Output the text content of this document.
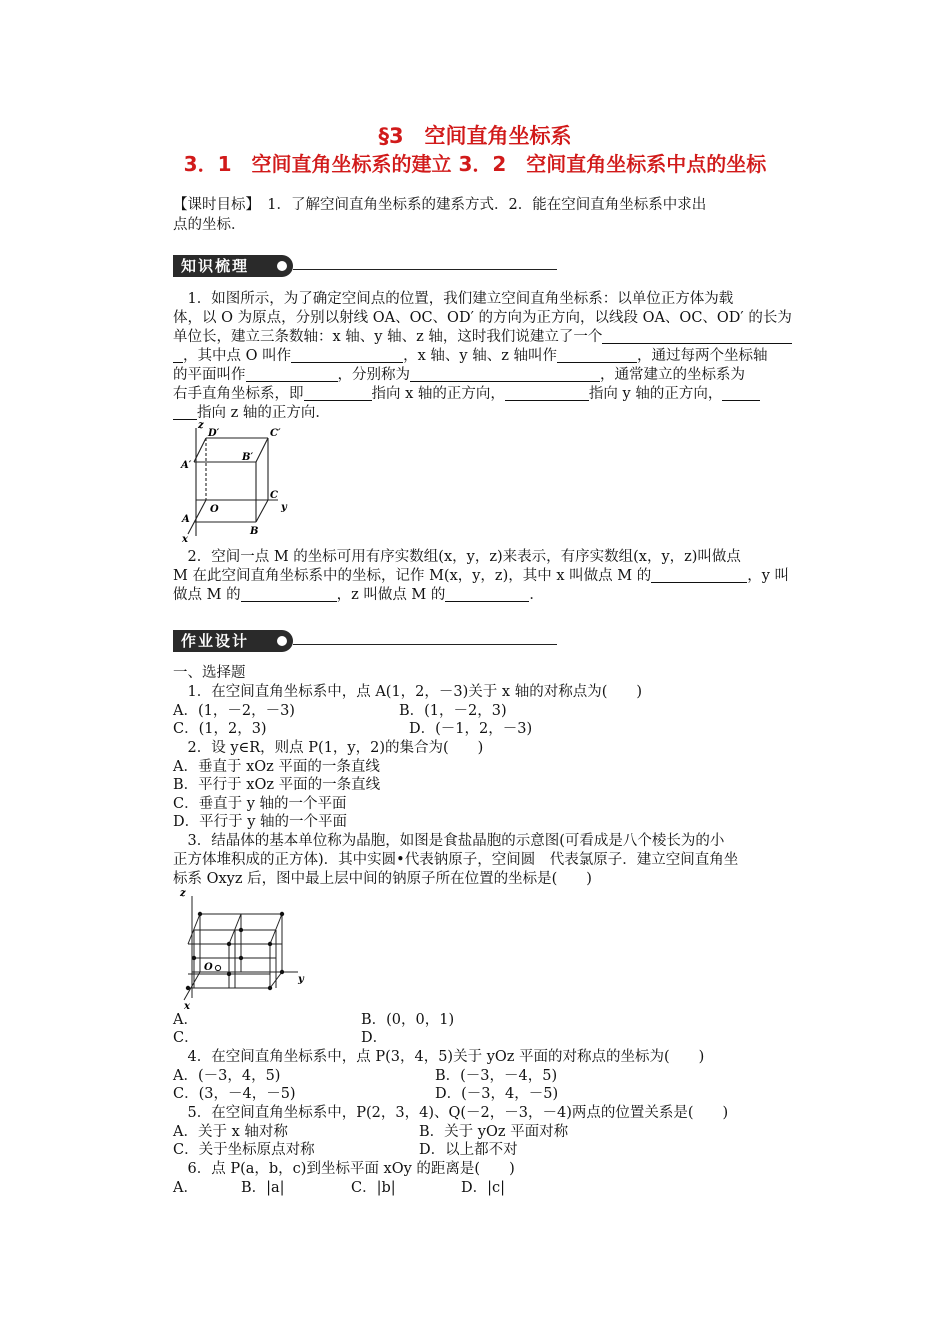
§3　空间直角坐标系
3．1　空间直角坐标系的建立 3．2　空间直角坐标系中点的坐标
【课时目标】　1．了解空间直角坐标系的建系方式．2．能在空间直角坐标系中求出
点的坐标．
知识梳理
　1．如图所示，为了确定空间点的位置，我们建立空间直角坐标系：以单位正方体为载
体，以 O 为原点，分别以射线 OA、OC、OD′ 的方向为正方向，以线段 OA、OC、OD′ 的长为
单位长，建立三条数轴：x 轴、y 轴、z 轴，这时我们说建立了一个
，其中点 O 叫作	，x 轴、y 轴、z 轴叫作	，通过每两个坐标轴
的平面叫作	，分别称为	，通常建立的坐标系为
右手直角坐标系，即	指向 x 轴的正方向，	指向 y 轴的正方向，
指向 z 轴的正方向．
z
D′	C′
A′
B′
C
O	y
A
B
x
　2．空间一点 M 的坐标可用有序实数组(x，y，z)来表示，有序实数组(x，y，z)叫做点
M 在此空间直角坐标系中的坐标，记作 M(x，y，z)，其中 x 叫做点 M 的	，y 叫
做点 M 的	，z 叫做点 M 的	．
作业设计
一、选择题
　1．在空间直角坐标系中，点 A(1，2，－3)关于 x 轴的对称点为(　　)
A．(1，－2，－3)	B．(1，－2，3)
C．(1，2，3)	D．(－1，2，－3)
　2．设 y∈R，则点 P(1，y，2)的集合为(　　)
A．垂直于 xOz 平面的一条直线
B．平行于 xOz 平面的一条直线
C．垂直于 y 轴的一个平面
D．平行于 y 轴的一个平面
　3．结晶体的基本单位称为晶胞，如图是食盐晶胞的示意图(可看成是八个棱长为的小
正方体堆积成的正方体)．其中实圆•代表钠原子，空间圆　代表氯原子．建立空间直角坐
标系 Oxyz 后，图中最上层中间的钠原子所在位置的坐标是(　　)
z
O
y
x
A．	B．(0，0，1)
C．	D．
　4．在空间直角坐标系中，点 P(3，4，5)关于 yOz 平面的对称点的坐标为(　　)
A．(－3，4，5)	B．(－3，－4，5)
C．(3，－4，－5)	D．(－3，4，－5)
　5．在空间直角坐标系中，P(2，3，4)、Q(－2，－3，－4)两点的位置关系是(　　)
A．关于 x 轴对称	B．关于 yOz 平面对称
C．关于坐标原点对称	D．以上都不对
　6．点 P(a，b，c)到坐标平面 xOy 的距离是(　　)
A．	B．|a|	C．|b|	D．|c|
